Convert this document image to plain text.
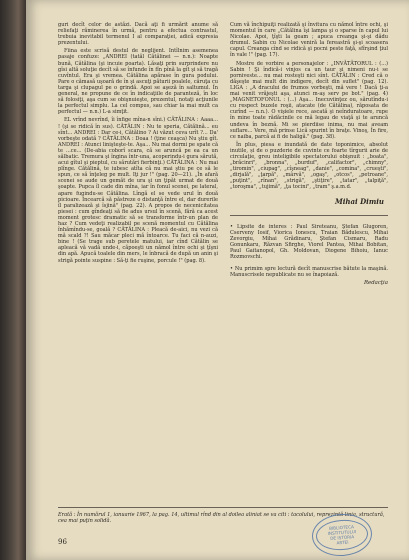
guri decît celor de astăzi. Dacă aţi fi urmărit anume să reliefaţi răminerea în urmă, pentru a efectua contrastul, trebuia inevitabil termenul I al comparaţiei, adică expresia prezentului.

Fiina este scrisă destul de neglijent. Intîlnim asemenea pasaje confuze: „ANDREI (tatăl Cătălinei — n.n.): Noapte bună, Cătălina (şi incuie poarta). Lăsaţi prin surprindere nu gîsi altă soluţie decît să se înfunde în fîn pînă la gît şi să tragă cuvîntul. Era şi vremea. Cătălina apărase în gura podului. Pare o cămasă uşoară de în şi ascuţi păturii poalele, căruţa cu targa şi clupagul pe o grindă. Apoi se aşeză în saltumul. În general, ne propune de ce în indicaţiile de paranteză, în loc să folosiţi, aşa cum se obişnuieşte, prezentul, notaţi acţiunile la perfectul simplu. La cel compus, sau chiar la mai mult ca perfectul — n.n.) L-a simţit.

EL vrînd nevrînd, îi înfige mîna-n sîni.) CĂTĂLINA : Aaaa... ! (şi se ridică în sus). CĂTĂLIN : Nu te speria, Cătălină... eu sînt... ANDREI : Dar ce-i, Cătălino ? Ai văzut ceva urît ?... Da' vorbeşte odată ? CĂTĂLINA : Doaa ! (ţine ceaşca) Nu ştiu gît. ANDREI : Atunci linişteşte-te. Aşa... Nu mai dormi pe spate că te ...ce... (De-abia coborî scara, că se aruncă pe ea ca un sălbatic. Tremura şi îngina într-una, acoperindu-i gura sărută, acui gîtul şi pieptul, cu sărutări fierbinţi.) CĂTĂLINA : Nu mai plînge. Cătălină, te iubesc atîta că nu mai ştiu pe ce să le spun, ce să înţeleg pe mult. Iţi jur !" (pag. 20—21). „În afară scenei se aude un gemăt de ura şi un ţipăt urmat de două şoapte. Pupca îl cade din mîna, iar în fonul scenei, pe lateral, apare fugindu-se Cătălina. Lîngă el se vede urul în două picioare. Încearcă să păstreze o distanţă între el, dar durerile îl paralizează şi îsjină" (pag. 22). A propos de necenicitatea piesei : cum gîndeaţi să fie adus ursul în scenă, fără ca acest moment grotesc dramatic să se transforme într-un plan de haz ? Cum vedeţi realizabil pe scenă momentul cu Cătălina înhămîndu-se, goală ? CĂTĂLINA : Pleacă de-aici, nu vezi că mă scald ?! Sau măcar pleci mă întoarce. Tu faci că n-auzi, bine ! (Se trage sub peretele matului, iar cînd Cătălin se apleacă vă vadă unde-i, căpoeşti un nămol între ochi şi ţîşni din apă. Apucă toalele din mers, le înbracă de după un anin şi strigă pointe suspine : Să-ţi fie ruşine, porcule !" (pag. 8).

Cum vă închipuiţi realizată şi învitura cu nămol între ochi, şi momentul în care „Cătălina îşi lampa şi o sparse în capul lui Nicolae. Apoi, ţîşti la geam ; apuca creanga şi-şi dădu drumul. Sabin cu Nicolae veniră la fereastră şi-şi scoasera capul. Creanga cînd se ridică şi pocni peste faţă, sfîrşind ţiul în vale !" (pag. 17).

Mostre de vorbire a personajelor : „INVĂTĂTORUL : (...) Sabin ! Şi îndică-i vinjos ca un taur şi nimeni nu-i se porniveste... nu mai rosteşti nici sînt. CĂTĂLIN : Cred că o dăşeşte mai mult din indigere, decît din suflet" (pag. 12). LIGA : „A dracului de frumos vorbeşti, mă vere ! Dacă ţi-a mai venit vrăjeşti aşa, atunci m-aş serv pe bot." (pag. 4) „MAGNETOFONUL : (...) Aşa... Inecuviinţez ou, sărutîndu-i cu respect buzele roşii, atacate (de Cătălina), răposata de curînd — n.n.). O vişiele rece, ascată şi neînduratoare, rupe în mine toate rădăcinile ce mă legau de viaţă şi te aruncă undeva în beznă. Mi se pierdiise inima, nu mai aveam suflare... Vere, mă prinse Lică spurint în braţe. Vinoş, În fire, ce naiba, parcă ai fi de haligă." (pag. 38).

În plus, piesa e inundată de date toponimice, absolut inutile, și de o puzderie de cuvinte ce foarte tîrgurii arie de circulaţie, greu inteligibile spectatorului obişnuit : „boata", „brăcinri", „bronna", „burduf", „califactor", „chimny", „tiromin", „ciupag", „cîşneag", „danie", „comina", „crueşti", „dirjală", „ţarpă", „mârvă", „ogaş", „otcos", „petroane", „puţint", „rînan", „strigă", „ştiţire", „tatar", „talpiţă", „toroşma", „tujimă", „ţa tocini", „tram" ş.a.m.d.

Mihai Dimiu

• Lipsite de interes : Paul Sireteanu, Ştefan Glugoren, Cserveny Iosif, Viorica Ionescu, Traian Bădulescu, Mihai Zevorgiu, Mihai Grădinaru, Ştefan Cismaru, Radu Gonunkaru, Răzvan Sfirghe, Viorel Pantea, Mihai Bobitan, Paul Gaitanopol, Gh. Moldovan, Diogene Bihoiu, Ianuc Rozmovschi.

• Nu primim spre lectură decît manuscrise bătute la maşină. Manuscrisele nepublicate nu se înapoiază.

Redacţia
Erată : În numărul 1, ianuarie 1967, la pag. 14, ultimul rînd din al doilea aliniat se va citi : tacolului, reprezintă linia, structură, cea mai puţin solidă.
96
BIBLIOTECA
INSTITUTULUI
DE ISTORIA
ARTEI
